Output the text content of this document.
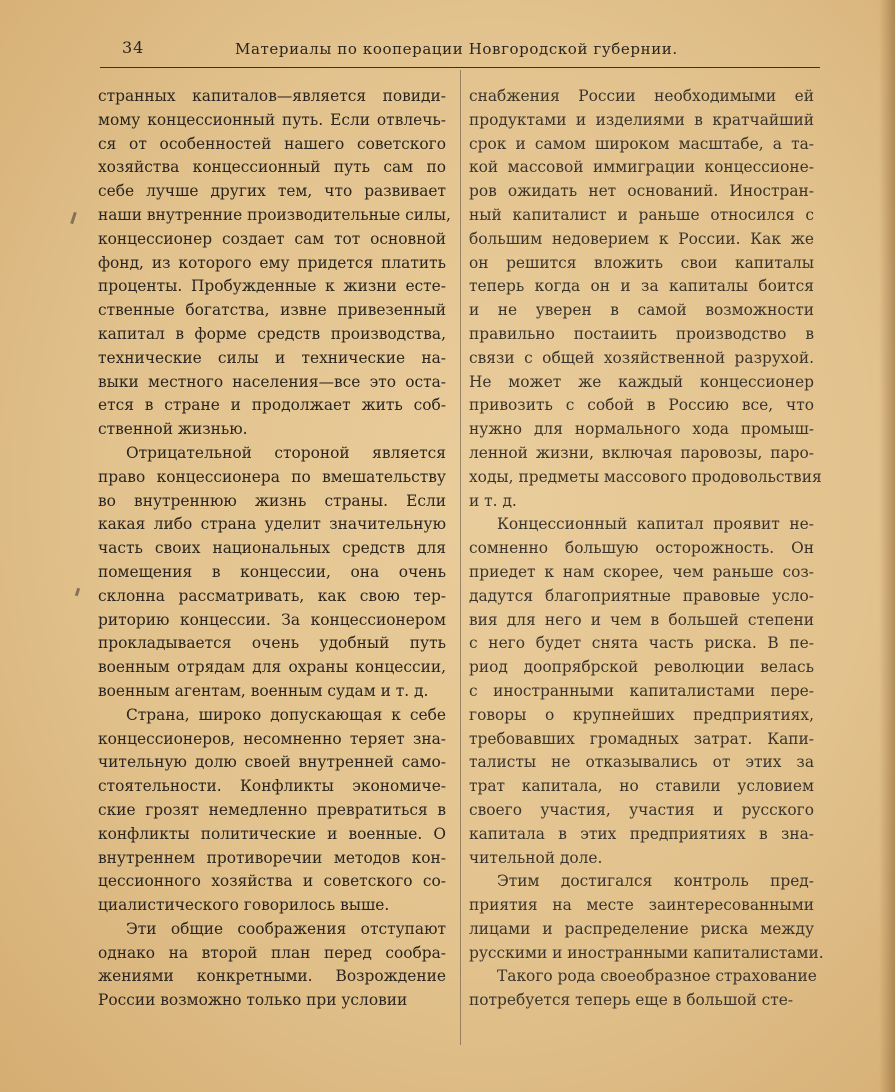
34	Материалы по кооперации Новгородской губернии.

странных капиталов—является повиди-

мому концессионный путь. Если отвлечь-

ся от особенностей нашего советского

хозяйства концессионный путь сам по

себе лучше других тем, что развивает

наши внутренние производительные силы,

концессионер создает сам тот основной

фонд, из которого ему придется платить

проценты. Пробужденные к жизни есте-

ственные богатства, извне привезенный

капитал в форме средств производства,

технические силы и технические на-

выки местного населения—все это оста-

ется в стране и продолжает жить соб-

ственной жизнью.

Отрицательной стороной является

право концессионера по вмешательству

во внутреннюю жизнь страны. Если

какая либо страна уделит значительную

часть своих национальных средств для

помещения в концессии, она очень

склонна рассматривать, как свою тер-

риторию концессии. За концессионером

прокладывается очень удобный путь

военным отрядам для охраны концессии,

военным агентам, военным судам и т. д.

Страна, широко допускающая к себе

концессионеров, несомненно теряет зна-

чительную долю своей внутренней само-

стоятельности. Конфликты экономиче-

ские грозят немедленно превратиться в

конфликты политические и военные. О

внутреннем противоречии методов кон-

цессионного хозяйства и советского со-

циалистического говорилось выше.

Эти общие соображения отступают

однако на второй план перед сообра-

жениями конкретными. Возрождение

России возможно только при условии

снабжения России необходимыми ей

продуктами и изделиями в кратчайший

срок и самом широком масштабе, а та-

кой массовой иммиграции концессионе-

ров ожидать нет оснований. Иностран-

ный капиталист и раньше относился с

большим недоверием к России. Как же

он решится вложить свои капиталы

теперь когда он и за капиталы боится

и не уверен в самой возможности

правильно постаиить производство в

связи с общей хозяйственной разрухой.

Не может же каждый концессионер

привозить с собой в Россию все, что

нужно для нормального хода промыш-

ленной жизни, включая паровозы, паро-

ходы, предметы массового продовольствия

и т. д.

Концессионный капитал проявит не-

сомненно большую осторожность. Он

приедет к нам скорее, чем раньше соз-

дадутся благоприятные правовые усло-

вия для него и чем в большей степени

с него будет снята часть риска. В пе-

риод доопрябрской революции велась

с иностранными капиталистами пере-

говоры о крупнейших предприятиях,

требовавших громадных затрат. Капи-

талисты не отказывались от этих за

трат капитала, но ставили условием

своего участия, участия и русского

капитала в этих предприятиях в зна-

чительной доле.

Этим достигался контроль пред-

приятия на месте заинтересованными

лицами и распределение риска между

русскими и иностранными капиталистами.

Такого рода своеобразное страхование

потребуется теперь еще в большой сте-
